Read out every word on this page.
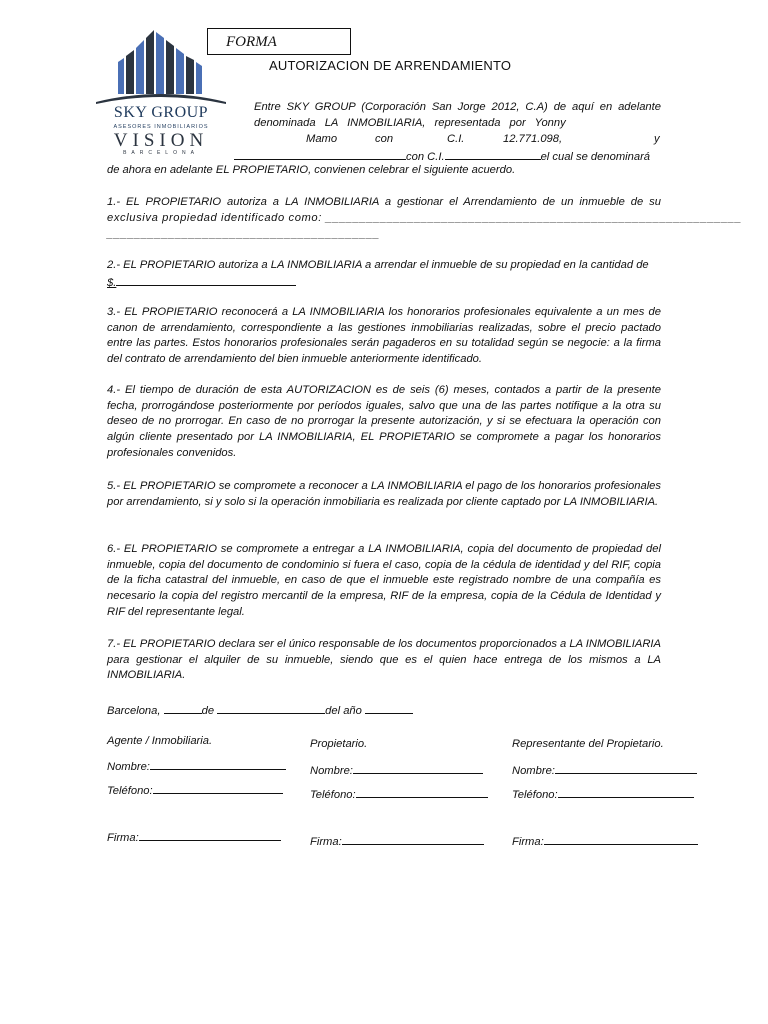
SKY GROUP
ASESORES INMOBILIARIOS
VISION
BARCELONA
FORMA
AUTORIZACION DE ARRENDAMIENTO
Entre SKY GROUP (Corporación San Jorge 2012, C.A) de aquí en adelante
denominada LA INMOBILIARIA, representada por Yonny
Mamo	con	C.I.	12.771.098,	y
con C.I.	el cual se denominará
de ahora en adelante EL PROPIETARIO, convienen celebrar el siguiente acuerdo.
1.- EL PROPIETARIO autoriza a LA INMOBILIARIA a gestionar el Arrendamiento de un inmueble de su
exclusiva propiedad identificado como: _____________________________________________________________
________________________________________
2.- EL PROPIETARIO autoriza a LA INMOBILIARIA a arrendar el inmueble de su propiedad en la cantidad de
$.
3.- EL PROPIETARIO reconocerá a LA INMOBILIARIA los honorarios profesionales equivalente a un mes de canon de arrendamiento, correspondiente a las gestiones inmobiliarias realizadas, sobre el precio pactado entre las partes. Estos honorarios profesionales serán pagaderos en su totalidad según se negocie: a la firma del contrato de arrendamiento del bien inmueble anteriormente identificado.
4.- El tiempo de duración de esta AUTORIZACION es de seis (6) meses, contados a partir de la presente fecha, prorrogándose posteriormente por períodos iguales, salvo que una de las partes notifique a la otra su deseo de no prorrogar. En caso de no prorrogar la presente autorización, y si se efectuara la operación con algún cliente presentado por LA INMOBILIARIA, EL PROPIETARIO se compromete a pagar los honorarios profesionales convenidos.
5.- EL PROPIETARIO se compromete a reconocer a LA INMOBILIARIA el pago de los honorarios profesionales por arrendamiento, si y solo si la operación inmobiliaria es realizada por cliente captado por LA INMOBILIARIA.
6.- EL PROPIETARIO se compromete a entregar a LA INMOBILIARIA, copia del documento de propiedad del inmueble, copia del documento de condominio si fuera el caso, copia de la cédula de identidad y del RIF, copia de la ficha catastral del inmueble, en caso de que el inmueble este registrado nombre de una compañía es necesario la copia del registro mercantil de la empresa, RIF de la empresa, copia de la Cédula de Identidad y RIF del representante legal.
7.- EL PROPIETARIO declara ser el único responsable de los documentos proporcionados a LA INMOBILIARIA para gestionar el alquiler de su inmueble, siendo que es el quien hace entrega de los mismos a LA INMOBILIARIA.
Barcelona,	de	del año
Agente / Inmobiliaria.
Nombre:
Teléfono:
Firma:
Propietario.
Nombre:
Teléfono:
Firma:
Representante del Propietario.
Nombre:
Teléfono:
Firma:
